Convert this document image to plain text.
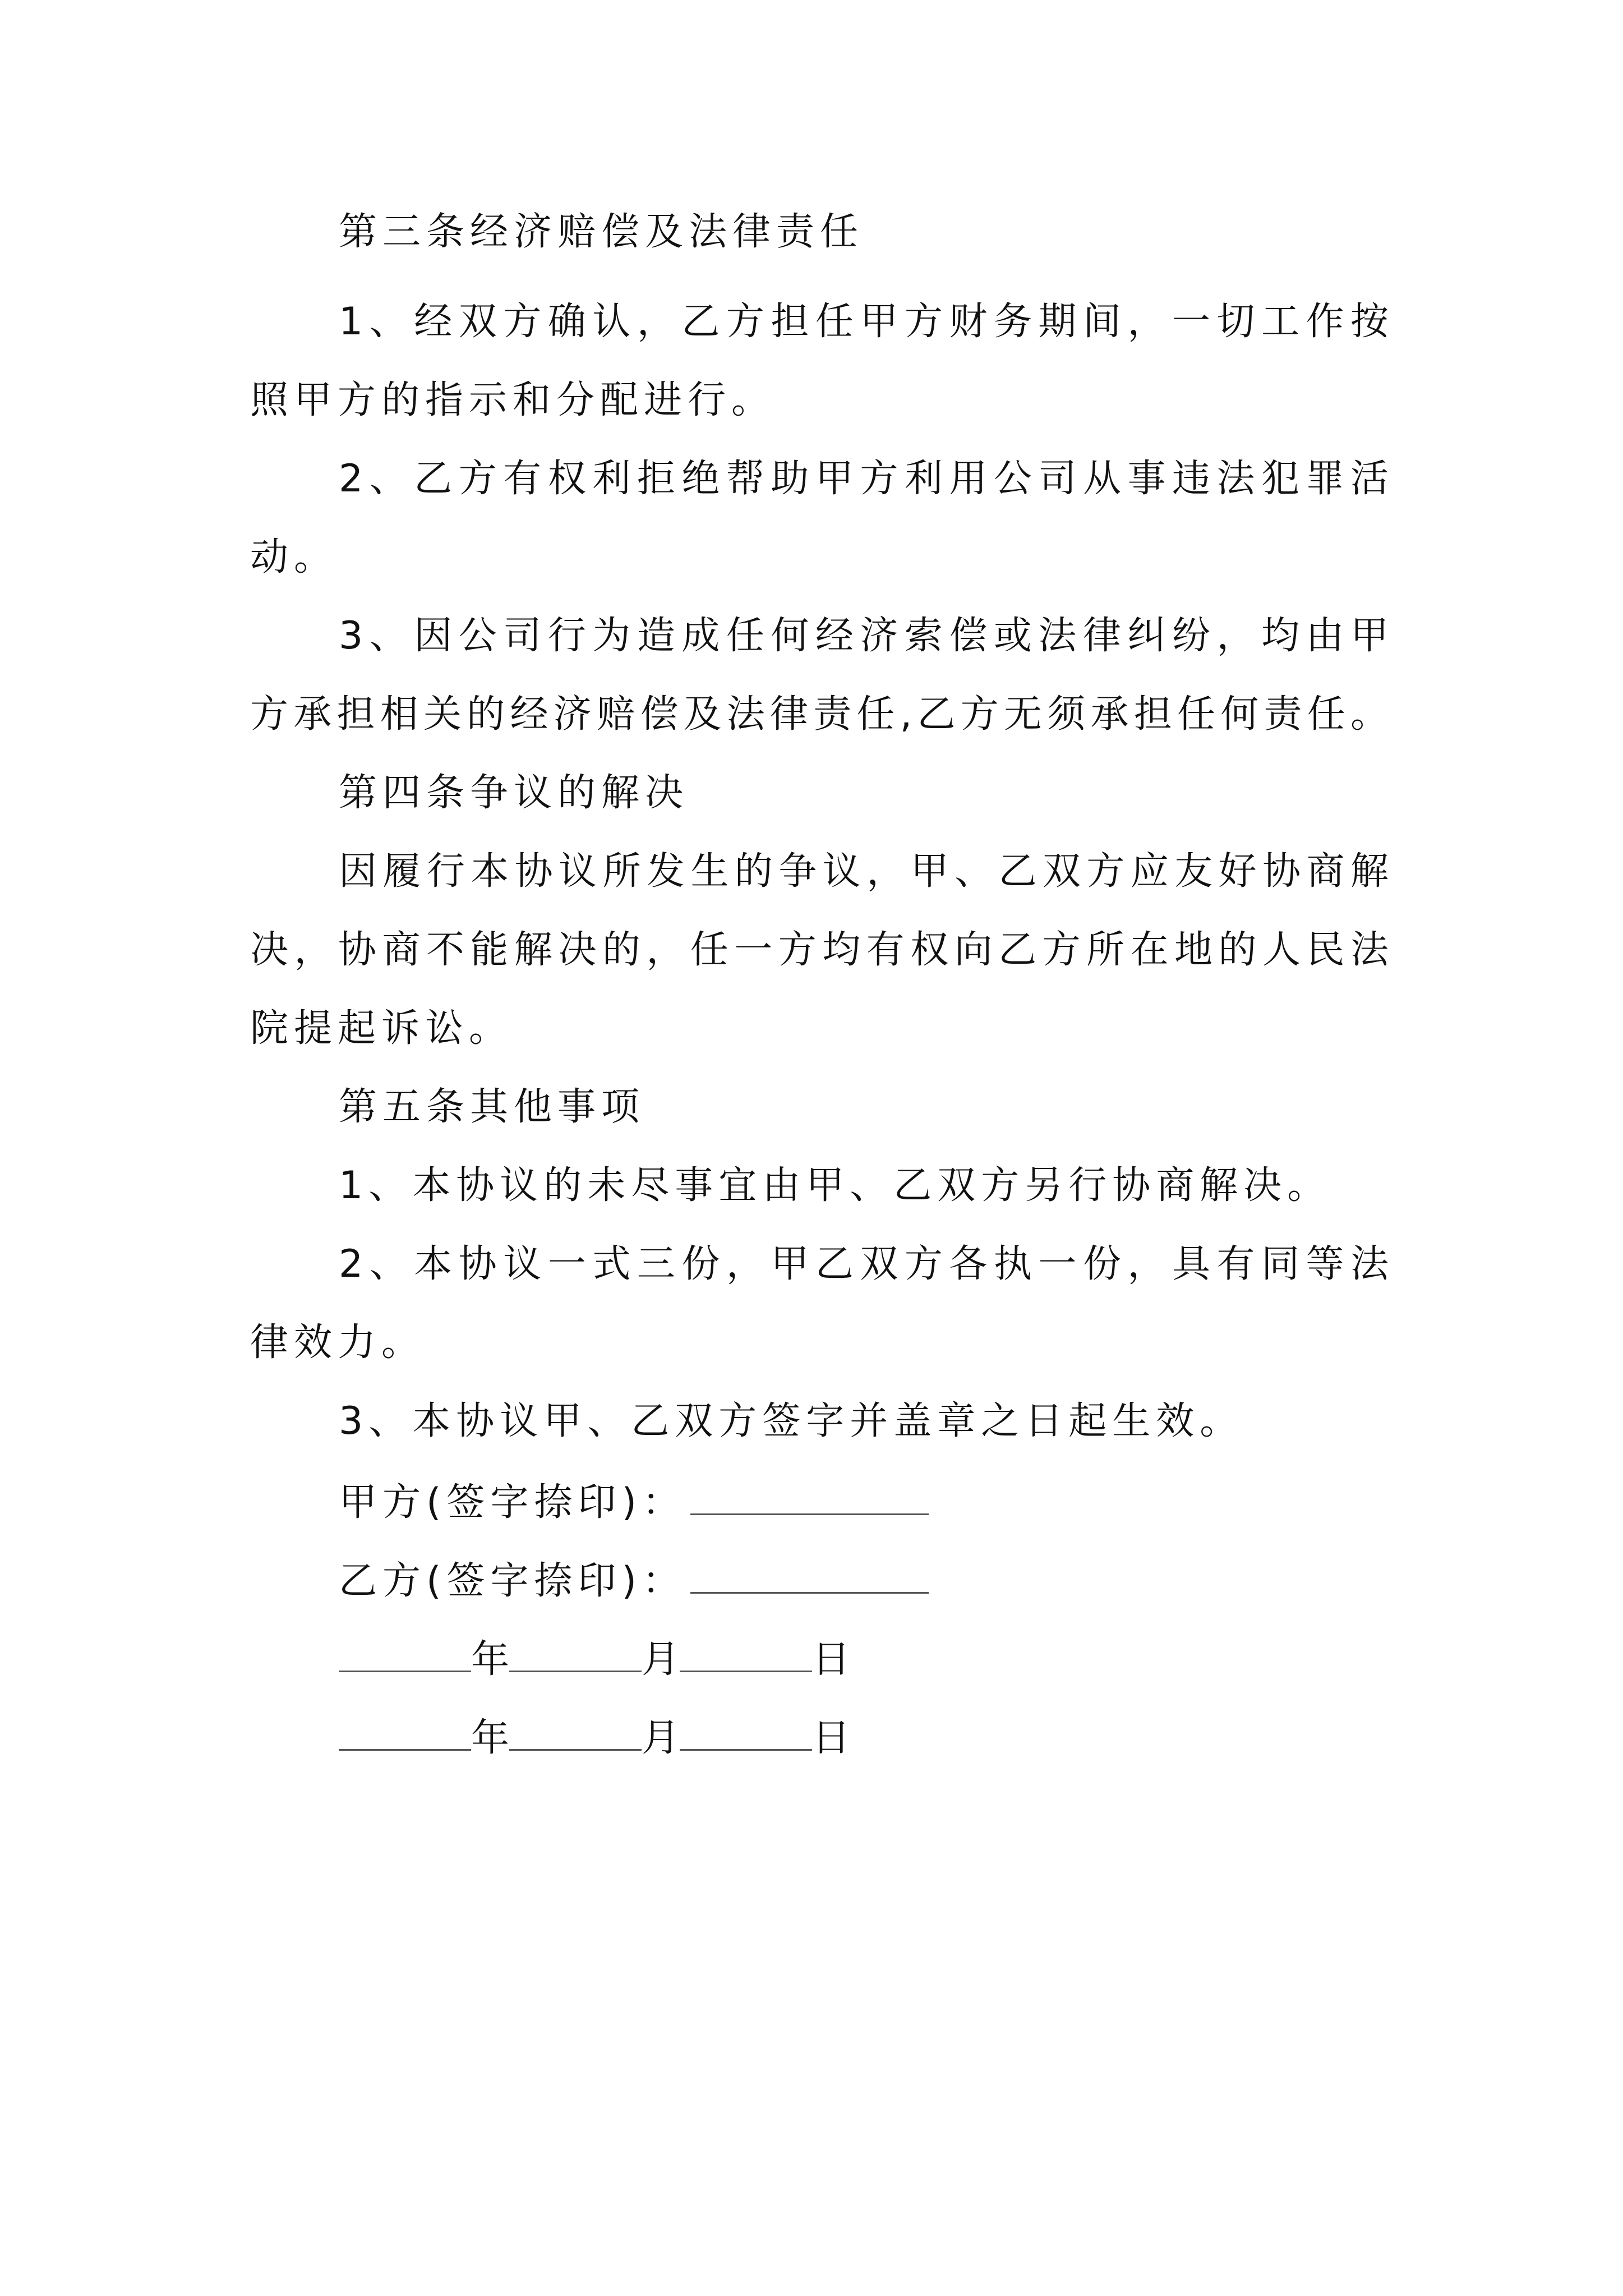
第三条经济赔偿及法律责任
1、经双方确认，乙方担任甲方财务期间，一切工作按
照甲方的指示和分配进行。
2、乙方有权利拒绝帮助甲方利用公司从事违法犯罪活
动。
3、因公司行为造成任何经济索偿或法律纠纷，均由甲
方承担相关的经济赔偿及法律责任,乙方无须承担任何责任。
第四条争议的解决
因履行本协议所发生的争议，甲、乙双方应友好协商解
决，协商不能解决的，任一方均有权向乙方所在地的人民法
院提起诉讼。
第五条其他事项
1、本协议的未尽事宜由甲、乙双方另行协商解决。
2、本协议一式三份，甲乙双方各执一份，具有同等法
律效力。
3、本协议甲、乙双方签字并盖章之日起生效。
甲方(签字捺印)：
乙方(签字捺印)：
年	月	日
年	月	日
